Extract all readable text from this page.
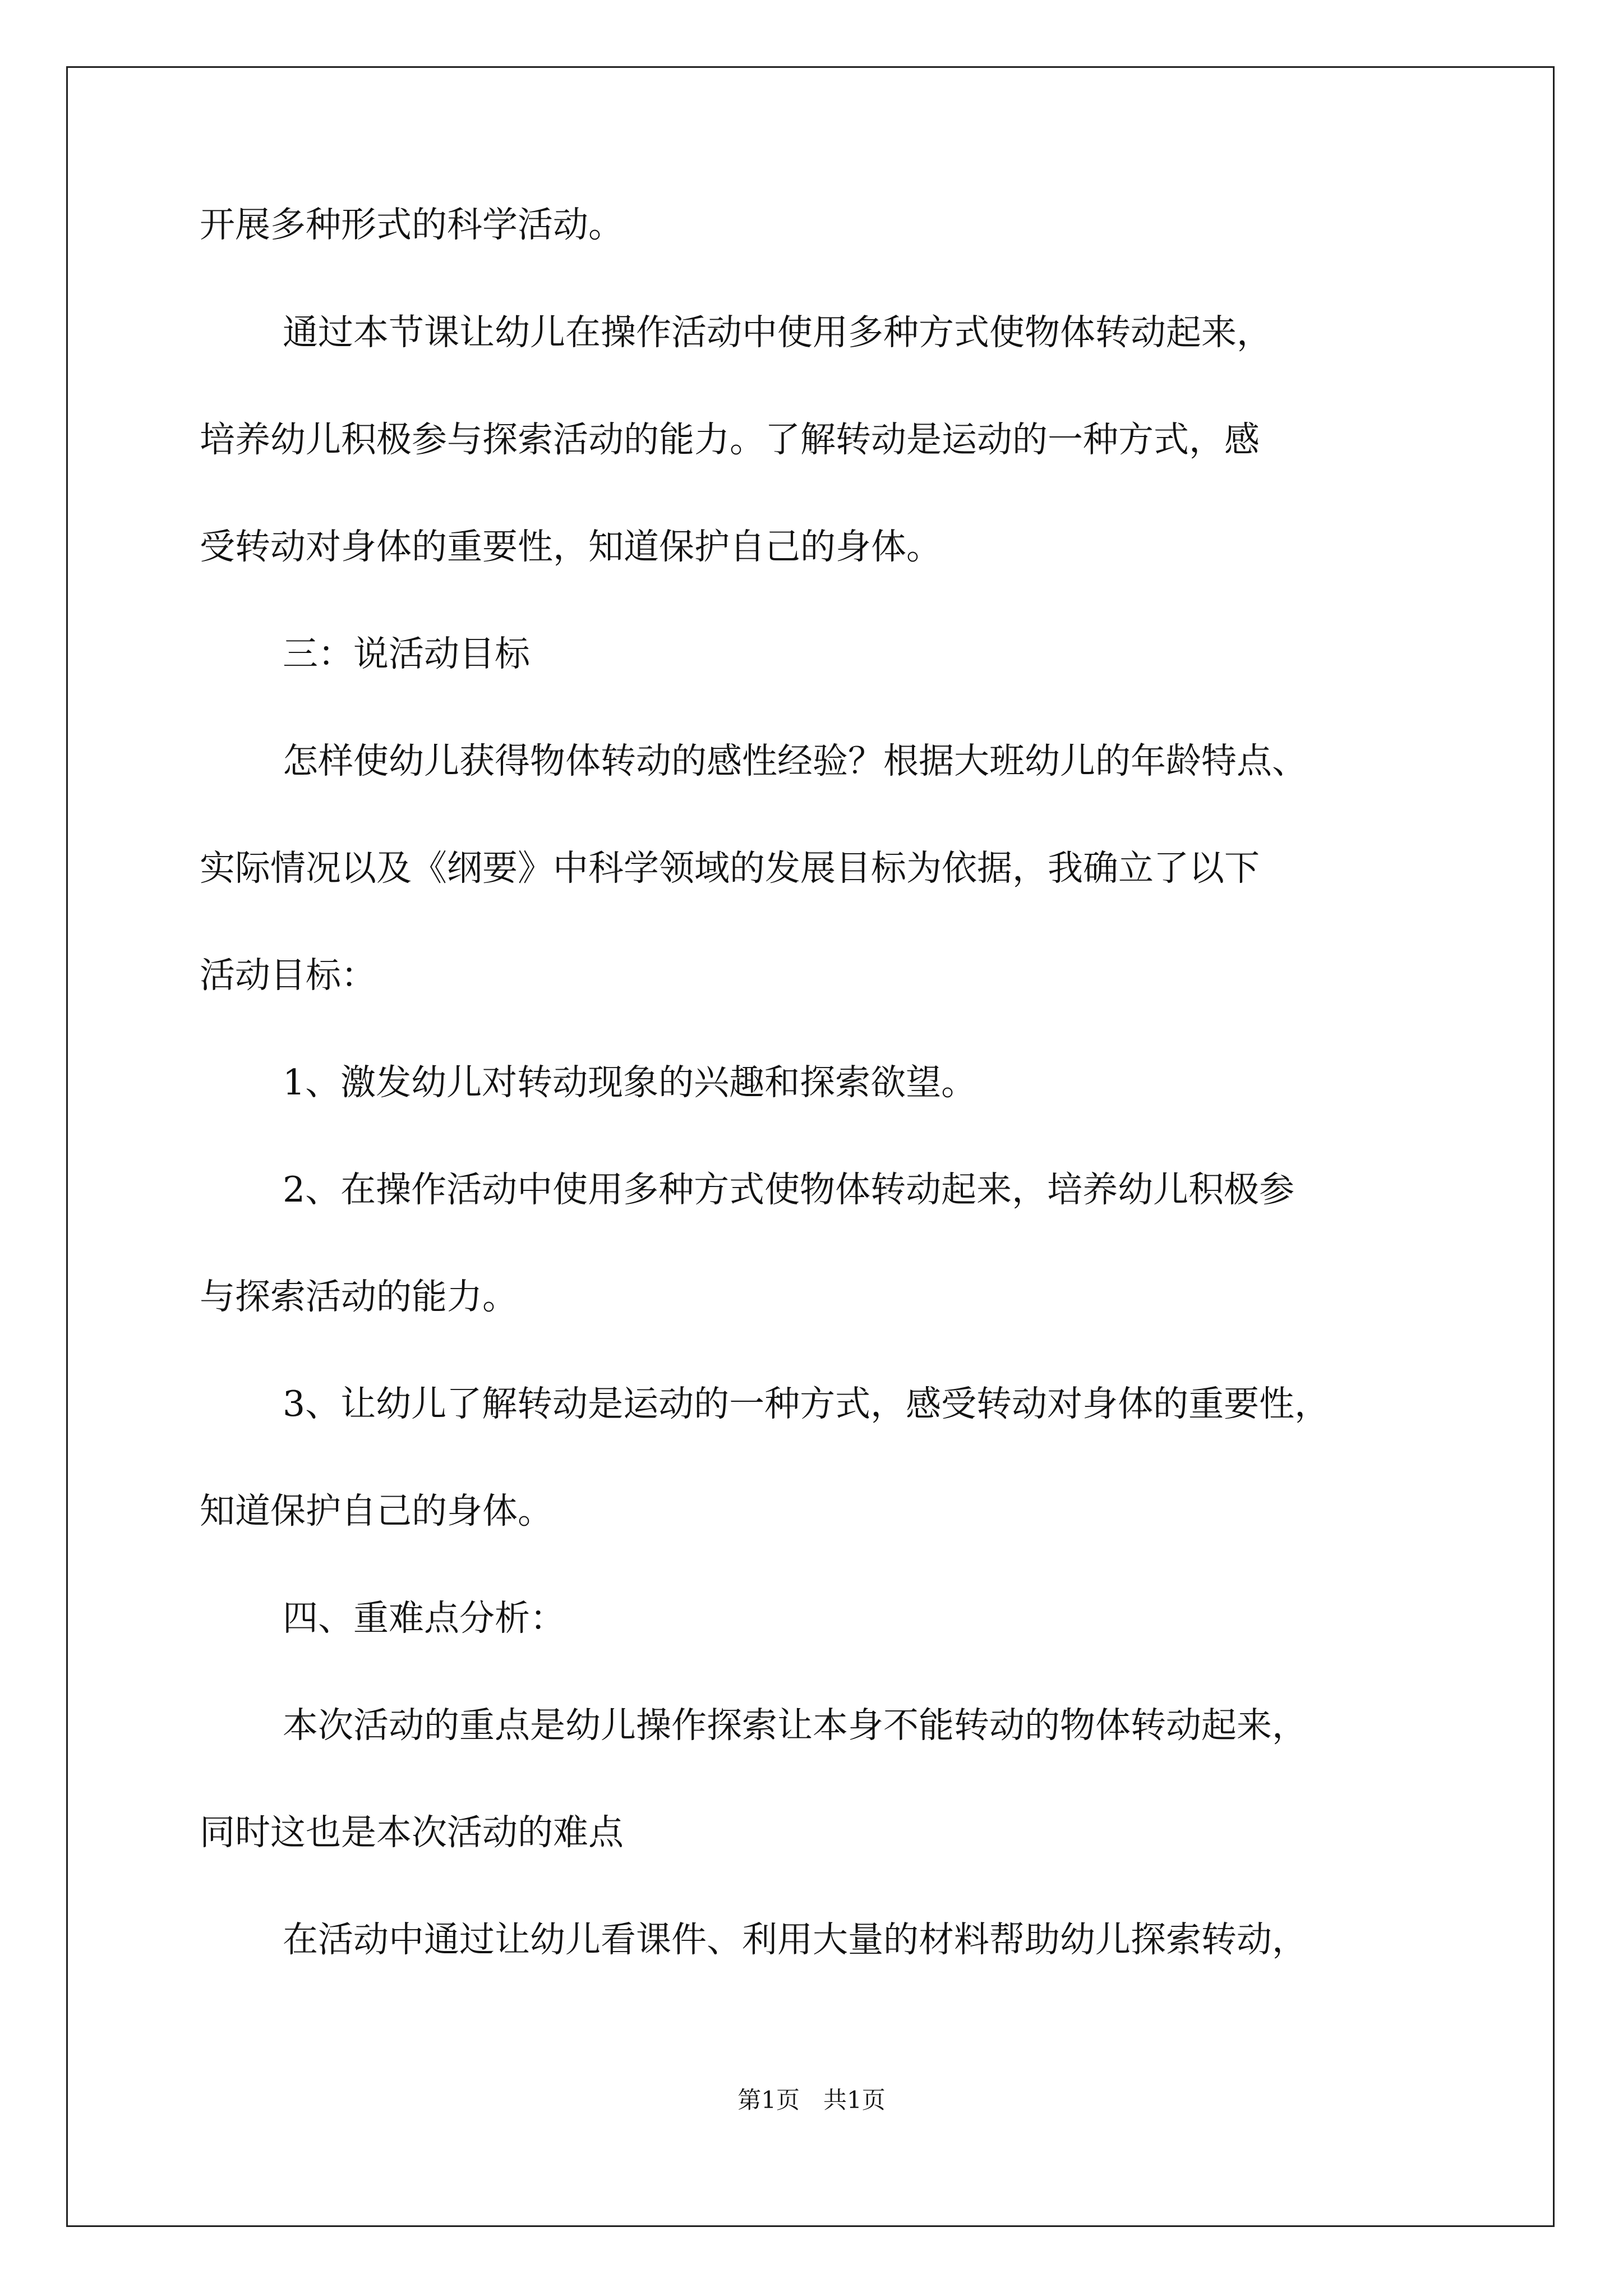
开展多种形式的科学活动。
通过本节课让幼儿在操作活动中使用多种方式使物体转动起来，
培养幼儿积极参与探索活动的能力。了解转动是运动的一种方式，感
受转动对身体的重要性，知道保护自己的身体。
三：说活动目标
怎样使幼儿获得物体转动的感性经验？根据大班幼儿的年龄特点、
实际情况以及《纲要》中科学领域的发展目标为依据，我确立了以下
活动目标：
1、激发幼儿对转动现象的兴趣和探索欲望。
2、在操作活动中使用多种方式使物体转动起来，培养幼儿积极参
与探索活动的能力。
3、让幼儿了解转动是运动的一种方式，感受转动对身体的重要性，
知道保护自己的身体。
四、重难点分析：
本次活动的重点是幼儿操作探索让本身不能转动的物体转动起来，
同时这也是本次活动的难点
在活动中通过让幼儿看课件、利用大量的材料帮助幼儿探索转动，
第1页　共1页
